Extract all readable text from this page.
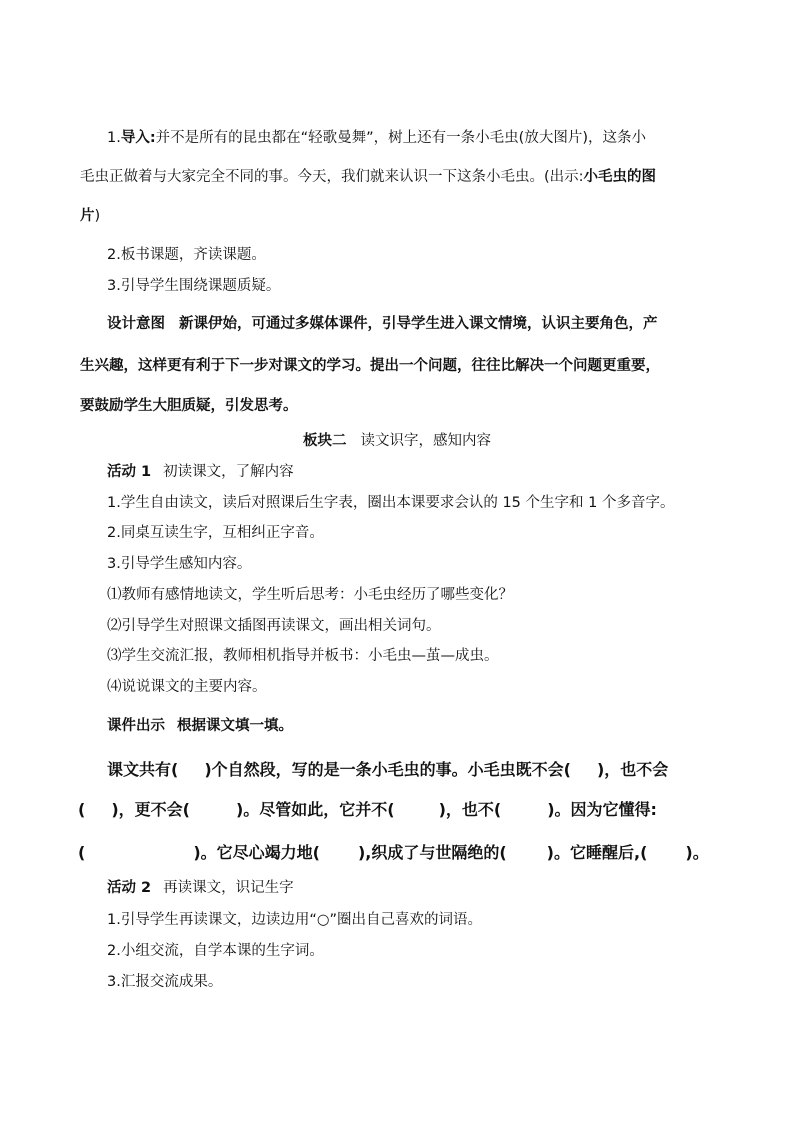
1.导入:并不是所有的昆虫都在“轻歌曼舞”，树上还有一条小毛虫(放大图片)，这条小
毛虫正做着与大家完全不同的事。今天，我们就来认识一下这条小毛虫。(出示:小毛虫的图
片)
2.板书课题，齐读课题。
3.引导学生围绕课题质疑。
设计意图 新课伊始，可通过多媒体课件，引导学生进入课文情境，认识主要角色，产
生兴趣，这样更有利于下一步对课文的学习。提出一个问题，往往比解决一个问题更重要，
要鼓励学生大胆质疑，引发思考。
板块二 读文识字，感知内容
活动 1 初读课文，了解内容
1.学生自由读文，读后对照课后生字表，圈出本课要求会认的 15 个生字和 1 个多音字。
2.同桌互读生字，互相纠正字音。
3.引导学生感知内容。
⑴教师有感情地读文，学生听后思考：小毛虫经历了哪些变化？
⑵引导学生对照课文插图再读课文，画出相关词句。
⑶学生交流汇报，教师相机指导并板书：小毛虫—茧—成虫。
⑷说说课文的主要内容。
课件出示 根据课文填一填。
课文共有( )个自然段，写的是一条小毛虫的事。小毛虫既不会( )，也不会
( )，更不会(	)。尽管如此，它并不(	)，也不(	)。因为它懂得:
(	)。它尽心竭力地( ),织成了与世隔绝的(	)。它睡醒后,( )。
活动 2 再读课文，识记生字
1.引导学生再读课文，边读边用“○”圈出自己喜欢的词语。
2.小组交流，自学本课的生字词。
3.汇报交流成果。
